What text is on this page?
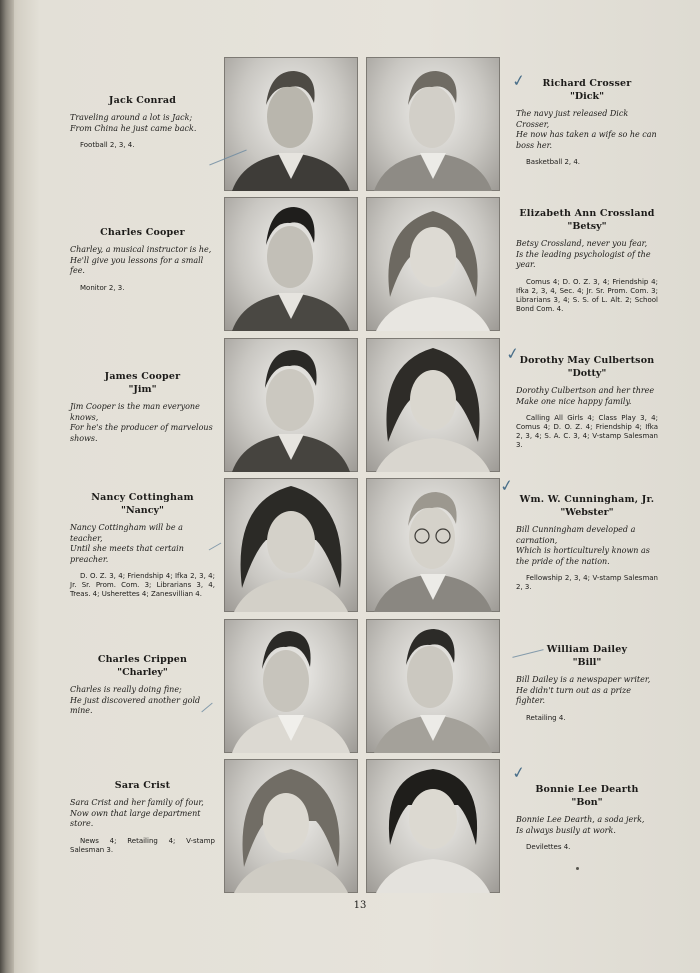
Jack Conrad
Traveling around a lot is Jack;
From China he just came back.
Football 2, 3, 4.
Richard Crosser
"Dick"
The navy just released Dick Crosser,
He now has taken a wife so he can boss her.
Basketball 2, 4.
✓
Charles Cooper
Charley, a musical instructor is he,
He'll give you lessons for a small fee.
Monitor 2, 3.
Elizabeth Ann Crossland
"Betsy"
Betsy Crossland, never you fear,
Is the leading psychologist of the year.
Comus 4; D. O. Z. 3, 4; Friendship 4; Ifka 2, 3, 4, Sec. 4; Jr. Sr. Prom. Com. 3; Librarians 3, 4; S. S. of L. Alt. 2; School Bond Com. 4.
James Cooper
"Jim"
Jim Cooper is the man everyone knows,
For he's the producer of marvelous shows.
Dorothy May Culbertson
"Dotty"
Dorothy Culbertson and her three
Make one nice happy family.
Calling All Girls 4; Class Play 3, 4; Comus 4; D. O. Z. 4; Friendship 4; Ifka 2, 3, 4; S. A. C. 3, 4; V-stamp Salesman 3.
✓
Nancy Cottingham
"Nancy"
Nancy Cottingham will be a teacher,
Until she meets that certain preacher.
D. O. Z. 3, 4; Friendship 4; Ifka 2, 3, 4; Jr. Sr. Prom. Com. 3; Librarians 3, 4, Treas. 4; Usherettes 4; Zanesvillian 4.
Wm. W. Cunningham, Jr.
"Webster"
Bill Cunningham developed a carnation,
Which is horticulturely known as the pride of the nation.
Fellowship 2, 3, 4; V-stamp Salesman 2, 3.
✓
Charles Crippen
"Charley"
Charles is really doing fine;
He just discovered another gold mine.
William Dailey
"Bill"
Bill Dailey is a newspaper writer,
He didn't turn out as a prize fighter.
Retailing 4.
Sara Crist
Sara Crist and her family of four,
Now own that large department store.
News 4; Retailing 4; V-stamp Salesman 3.
Bonnie Lee Dearth
"Bon"
Bonnie Lee Dearth, a soda jerk,
Is always busily at work.
Devilettes 4.
✓
13
